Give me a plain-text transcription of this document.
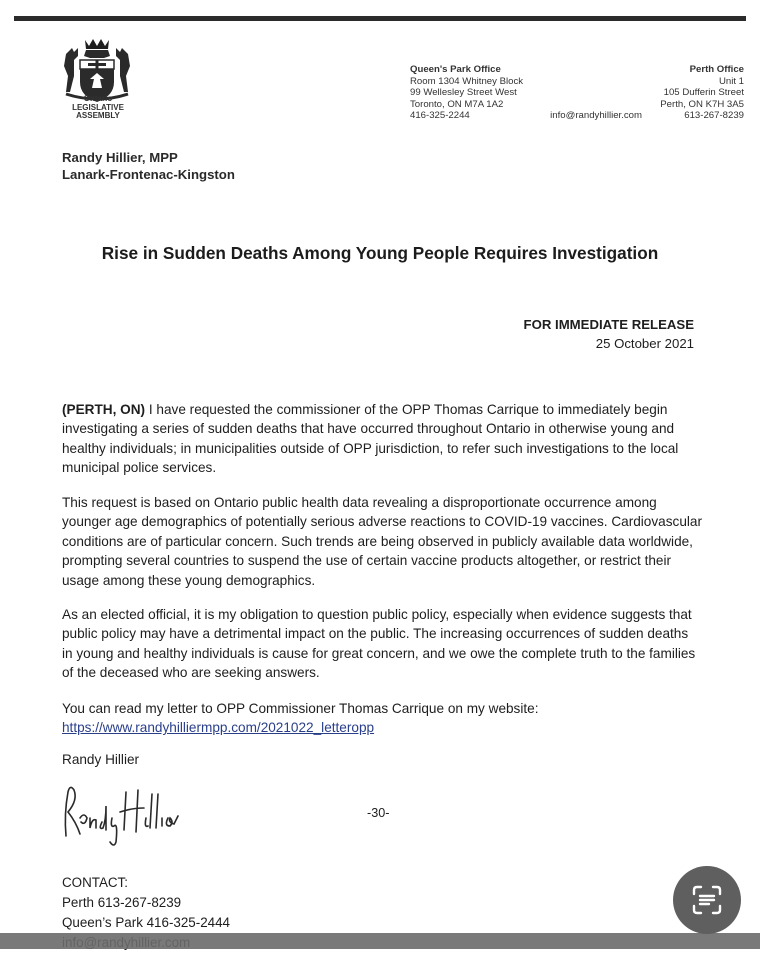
Ontario
LEGISLATIVE
ASSEMBLY
Queen's Park Office
Room 1304 Whitney Block
99 Wellesley Street West
Toronto, ON M7A 1A2
416-325-2244	info@randyhillier.com
Perth Office
Unit 1
105 Dufferin Street
Perth, ON K7H 3A5
613-267-8239
Randy Hillier, MPP
Lanark-Frontenac-Kingston
Rise in Sudden Deaths Among Young People Requires Investigation
FOR IMMEDIATE RELEASE
25 October 2021
(PERTH, ON) I have requested the commissioner of the OPP Thomas Carrique to immediately begin investigating a series of sudden deaths that have occurred throughout Ontario in otherwise young and healthy individuals; in municipalities outside of OPP jurisdiction, to refer such investigations to the local municipal police services.
This request is based on Ontario public health data revealing a disproportionate occurrence among younger age demographics of potentially serious adverse reactions to COVID-19 vaccines. Cardiovascular conditions are of particular concern. Such trends are being observed in publicly available data worldwide, prompting several countries to suspend the use of certain vaccine products altogether, or restrict their usage among these young demographics.
As an elected official, it is my obligation to question public policy, especially when evidence suggests that public policy may have a detrimental impact on the public. The increasing occurrences of sudden deaths in young and healthy individuals is cause for great concern, and we owe the complete truth to the families of the deceased who are seeking answers.
You can read my letter to OPP Commissioner Thomas Carrique on my website:
https://www.randyhilliermpp.com/2021022_letteropp
Randy Hillier
-30-
CONTACT:
Perth 613-267-8239
Queen’s Park 416-325-2444
